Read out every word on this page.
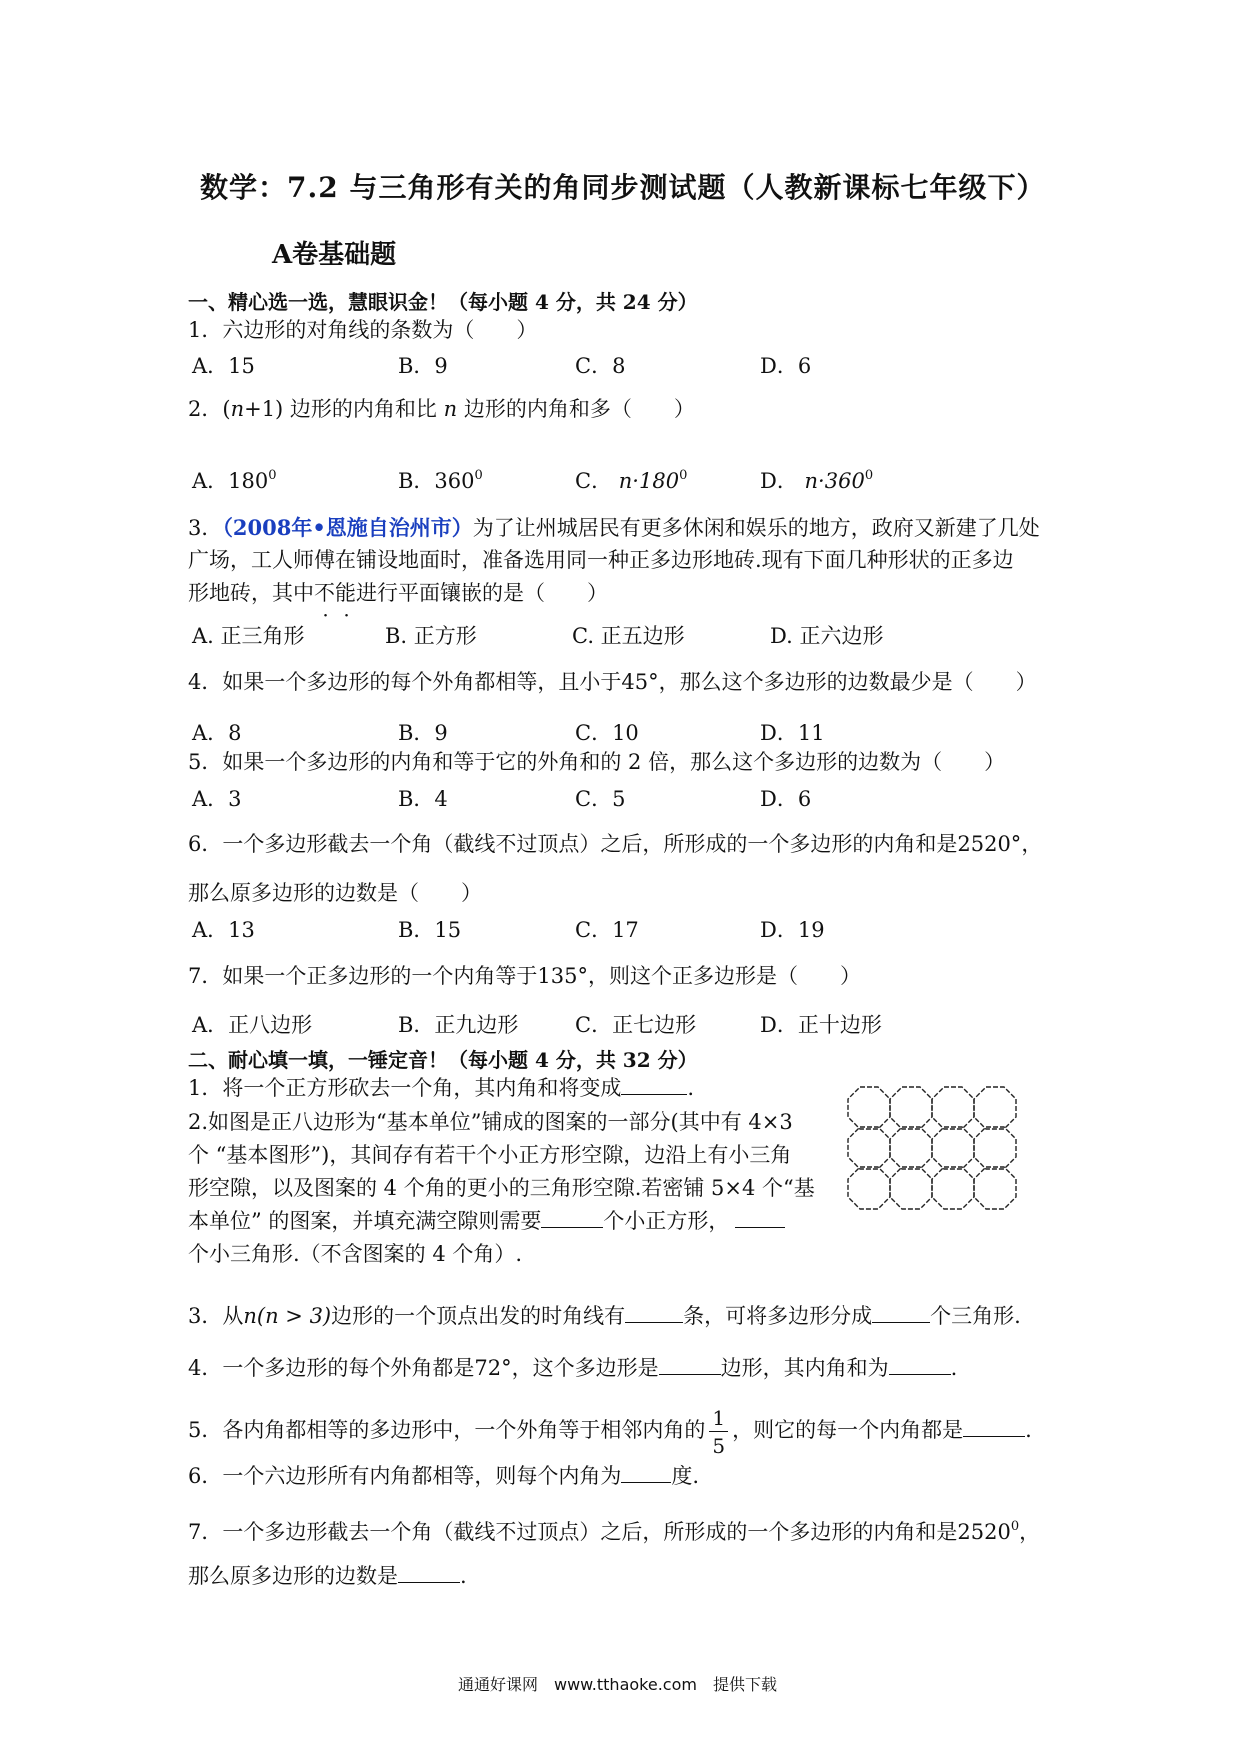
数学：7.2 与三角形有关的角同步测试题（人教新课标七年级下）
A卷基础题
一、精心选一选，慧眼识金！（每小题 4 分，共 24 分）
1．六边形的对角线的条数为（　　）
A．15	B．9	C．8	D．6
2．(n+1) 边形的内角和比 n 边形的内角和多（　　）
A．$180^0$	B．$360^0$	C． $n\cdot 180^0$	D． $n\cdot 360^0$
3．（2008年•恩施自治州市）为了让州城居民有更多休闲和娱乐的地方，政府又新建了几处
广场，工人师傅在铺设地面时，准备选用同一种正多边形地砖.现有下面几种形状的正多边
形地砖，其中不能进行平面镶嵌的是（　　）
A. 正三角形	B. 正方形	C. 正五边形	D. 正六边形
4．如果一个多边形的每个外角都相等，且小于45°，那么这个多边形的边数最少是（　　）
A．8	B．9	C．10	D．11
5．如果一个多边形的内角和等于它的外角和的 2 倍，那么这个多边形的边数为（　　）
A．3	B．4	C．5	D．6
6．一个多边形截去一个角（截线不过顶点）之后，所形成的一个多边形的内角和是2520°，
那么原多边形的边数是（　　）
A．13	B．15	C．17	D．19
7．如果一个正多边形的一个内角等于135°，则这个正多边形是（　　）
A．正八边形	B．正九边形	C．正七边形	D．正十边形
二、耐心填一填，一锤定音！（每小题 4 分，共 32 分）
1．将一个正方形砍去一个角，其内角和将变成	.
2.如图是正八边形为“基本单位”铺成的图案的一部分(其中有 4×3
个 “基本图形”)，其间存有若干个小正方形空隙，边沿上有小三角
形空隙，以及图案的 4 个角的更小的三角形空隙.若密铺 5×4 个“基
本单位” 的图案，并填充满空隙则需要	个小正方形，
个小三角形.（不含图案的 4 个角）.
3．从n(n > 3)边形的一个顶点出发的时角线有	条，可将多边形分成	个三角形.
4．一个多边形的每个外角都是72°，这个多边形是	边形，其内角和为	.
5．各内角都相等的多边形中，一个外角等于相邻内角的 $\frac{1}{5}$ ，则它的每一个内角都是	.
6．一个六边形所有内角都相等，则每个内角为 度.
7．一个多边形截去一个角（截线不过顶点）之后，所形成的一个多边形的内角和是2520$^0$，
那么原多边形的边数是	.
通通好课网　www.tthaoke.com　提供下载
